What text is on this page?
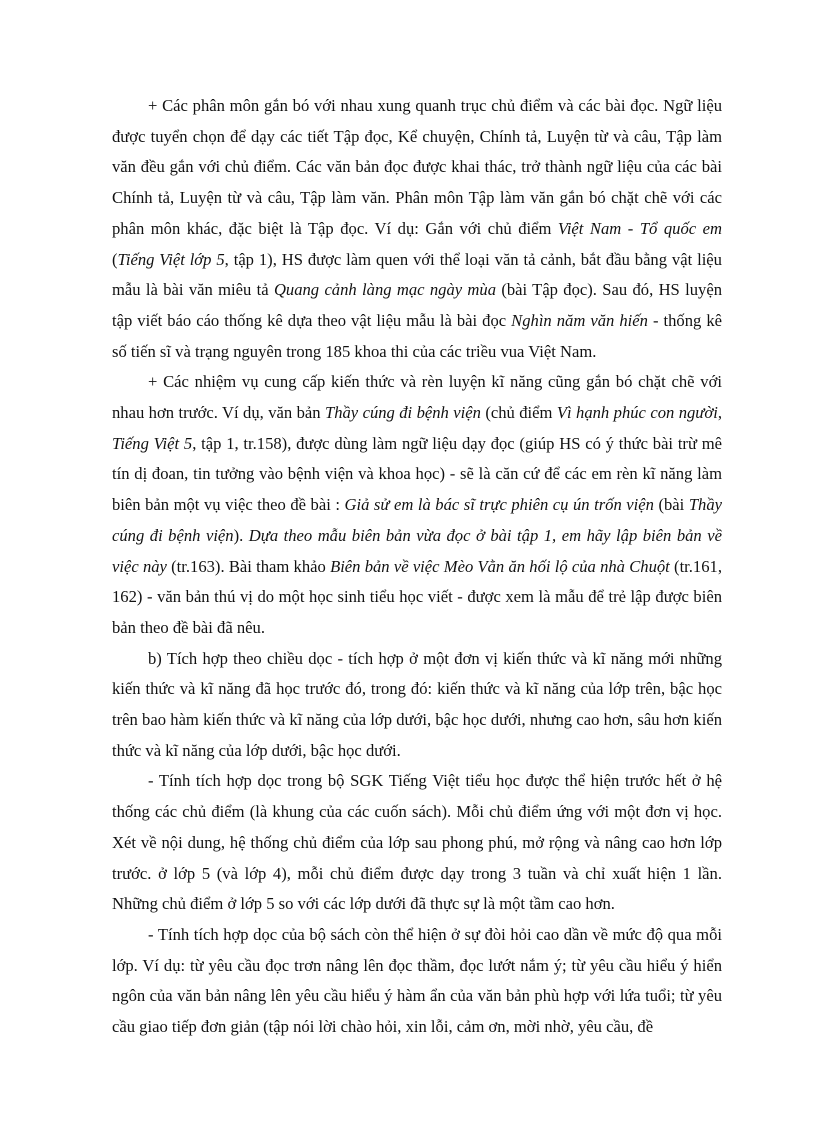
+ Các phân môn gắn bó với nhau xung quanh trục chủ điểm và các bài đọc. Ngữ liệu được tuyển chọn để dạy các tiết Tập đọc, Kể chuyện, Chính tả, Luyện từ và câu, Tập làm văn đều gắn với chủ điểm. Các văn bản đọc được khai thác, trở thành ngữ liệu của các bài Chính tả, Luyện từ và câu, Tập làm văn. Phân môn Tập làm văn gắn bó chặt chẽ với các phân môn khác, đặc biệt là Tập đọc. Ví dụ: Gắn với chủ điểm Việt Nam - Tổ quốc em (Tiếng Việt lớp 5, tập 1), HS được làm quen với thể loại văn tả cảnh, bắt đầu bằng vật liệu mẫu là bài văn miêu tả Quang cảnh làng mạc ngày mùa (bài Tập đọc). Sau đó, HS luyện tập viết báo cáo thống kê dựa theo vật liệu mẫu là bài đọc Nghìn năm văn hiến - thống kê số tiến sĩ và trạng nguyên trong 185 khoa thi của các triều vua Việt Nam.

+ Các nhiệm vụ cung cấp kiến thức và rèn luyện kĩ năng cũng gắn bó chặt chẽ với nhau hơn trước. Ví dụ, văn bản Thầy cúng đi bệnh viện (chủ điểm Vì hạnh phúc con người, Tiếng Việt 5, tập 1, tr.158), được dùng làm ngữ liệu dạy đọc (giúp HS có ý thức bài trừ mê tín dị đoan, tin tưởng vào bệnh viện và khoa học) - sẽ là căn cứ để các em rèn kĩ năng làm biên bản một vụ việc theo đề bài : Giả sử em là bác sĩ trực phiên cụ ún trốn viện (bài Thầy cúng đi bệnh viện). Dựa theo mẫu biên bản vừa đọc ở bài tập 1, em hãy lập biên bản về việc này (tr.163). Bài tham khảo Biên bản về việc Mèo Vằn ăn hối lộ của nhà Chuột (tr.161, 162) - văn bản thú vị do một học sinh tiểu học viết - được xem là mẫu để trẻ lập được biên bản theo đề bài đã nêu.

b) Tích hợp theo chiều dọc - tích hợp ở một đơn vị kiến thức và kĩ năng mới những kiến thức và kĩ năng đã học trước đó, trong đó: kiến thức và kĩ năng của lớp trên, bậc học trên bao hàm kiến thức và kĩ năng của lớp dưới, bậc học dưới, nhưng cao hơn, sâu hơn kiến thức và kĩ năng của lớp dưới, bậc học dưới.

- Tính tích hợp dọc trong bộ SGK Tiếng Việt tiểu học được thể hiện trước hết ở hệ thống các chủ điểm (là khung của các cuốn sách). Mỗi chủ điểm ứng với một đơn vị học. Xét về nội dung, hệ thống chủ điểm của lớp sau phong phú, mở rộng và nâng cao hơn lớp trước. ở lớp 5 (và lớp 4), mỗi chủ điểm được dạy trong 3 tuần và chỉ xuất hiện 1 lần. Những chủ điểm ở lớp 5 so với các lớp dưới đã thực sự là một tầm cao hơn.

- Tính tích hợp dọc của bộ sách còn thể hiện ở sự đòi hỏi cao dần về mức độ qua mỗi lớp. Ví dụ: từ yêu cầu đọc trơn nâng lên đọc thầm, đọc lướt nắm ý; từ yêu cầu hiểu ý hiển ngôn của văn bản nâng lên yêu cầu hiểu ý hàm ẩn của văn bản phù hợp với lứa tuổi; từ yêu cầu giao tiếp đơn giản (tập nói lời chào hỏi, xin lỗi, cảm ơn, mời nhờ, yêu cầu, đề
